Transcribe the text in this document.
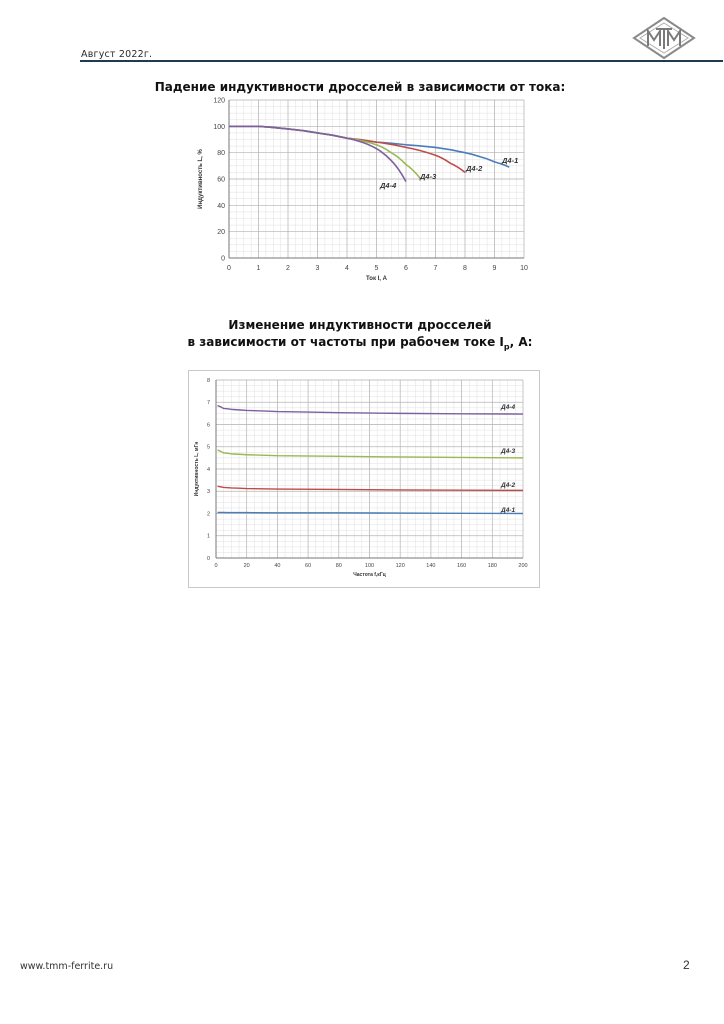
Август 2022г.
Падение индуктивности дросселей в зависимости от тока:
0	1	2	3	4	5	6	7	8	9	10
0
20
40
60
80
100
120
Ток I, А
Индуктивность L, %	Д4-1
Д4-2
Д4-3
Д4-4
Изменение индуктивности дросселей
в зависимости от частоты при рабочем токе $I_р$, А:
0	20	40	60	80	100	120	140	160	180	200
0
1
2
3
4
5
6
7
8
Частота f,кГц
Индуктивность L, мГн
Д4-4
Д4-3
Д4-2
Д4-1
www.tmm-ferrite.ru	2
